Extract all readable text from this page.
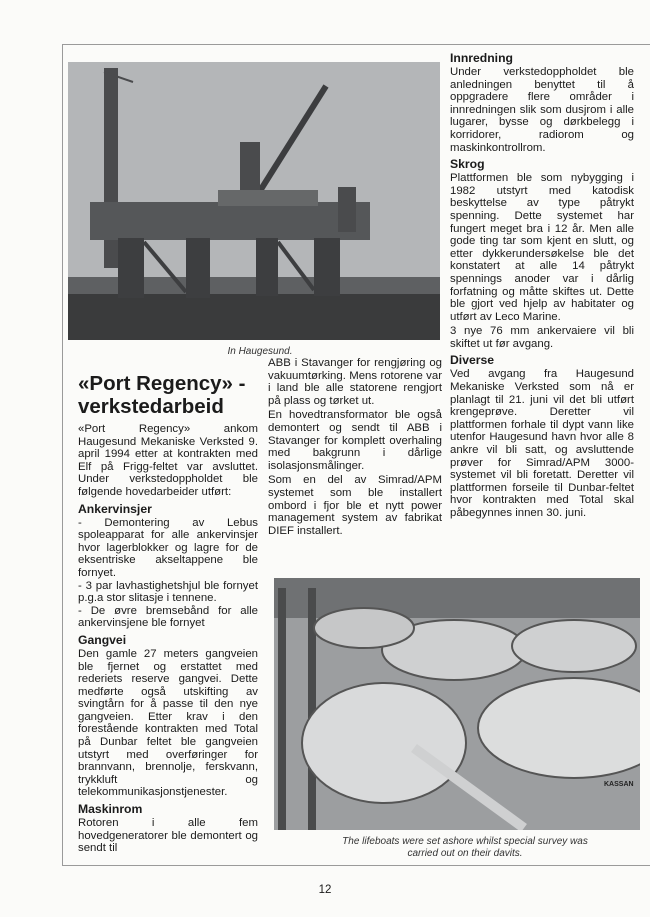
In Haugesund.
«Port Regency» - verkstedarbeid

«Port Regency» ankom Haugesund Mekaniske Verksted 9. april 1994 etter at kontrakten med Elf på Frigg-feltet var avsluttet. Under verkstedoppholdet ble følgende hovedarbeider utført:

Ankervinsjer

- Demontering av Lebus spoleapparat for alle ankervinsjer hvor lagerblokker og lagre for de eksentriske akseltappene ble fornyet.

- 3 par lavhastighetshjul ble fornyet p.g.a stor slitasje i tennene.

- De øvre bremsebånd for alle ankervinsjene ble fornyet

Gangvei

Den gamle 27 meters gangveien ble fjernet og erstattet med rederiets reserve gangvei. Dette medførte også utskifting av svingtårn for å passe til den nye gangveien. Etter krav i den forestående kontrakten med Total på Dunbar feltet ble gangveien utstyrt med overføringer for brannvann, brennolje, ferskvann, trykkluft og telekommunikasjonstjenester.

Maskinrom

Rotoren i alle fem hovedgeneratorer ble demontert og sendt til

ABB i Stavanger for rengjøring og vakuumtørking. Mens rotorene var i land ble alle statorene rengjort på plass og tørket ut.

En hovedtransformator ble også demontert og sendt til ABB i Stavanger for komplett overhaling med bakgrunn i dårlige isolasjonsmålinger.

Som en del av Simrad/APM systemet som ble installert ombord i fjor ble et nytt power management system av fabrikat DIEF installert.

Innredning

Under verkstedoppholdet ble anledningen benyttet til å oppgradere flere områder i innredningen slik som dusjrom i alle lugarer, bysse og dørkbelegg i korridorer, radiorom og maskinkontrollrom.

Skrog

Plattformen ble som nybygging i 1982 utstyrt med katodisk beskyttelse av type påtrykt spenning. Dette systemet har fungert meget bra i 12 år. Men alle gode ting tar som kjent en slutt, og etter dykkerundersøkelse ble det konstatert at alle 14 påtrykt spennings anoder var i dårlig forfatning og måtte skiftes ut. Dette ble gjort ved hjelp av habitater og utført av Leco Marine.

3 nye 76 mm ankervaiere vil bli skiftet ut før avgang.

Diverse

Ved avgang fra Haugesund Mekaniske Verksted som nå er planlagt til 21. juni vil det bli utført krengeprøve. Deretter vil plattformen forhale til dypt vann like utenfor Haugesund havn hvor alle 8 ankre vil bli satt, og avsluttende prøver for Simrad/APM 3000-systemet vil bli foretatt. Deretter vil plattformen forseile til Dunbar-feltet hvor kontrakten med Total skal påbegynnes innen 30. juni.

KASSAN
The lifeboats were set ashore whilst special survey was carried out on their davits.
12
